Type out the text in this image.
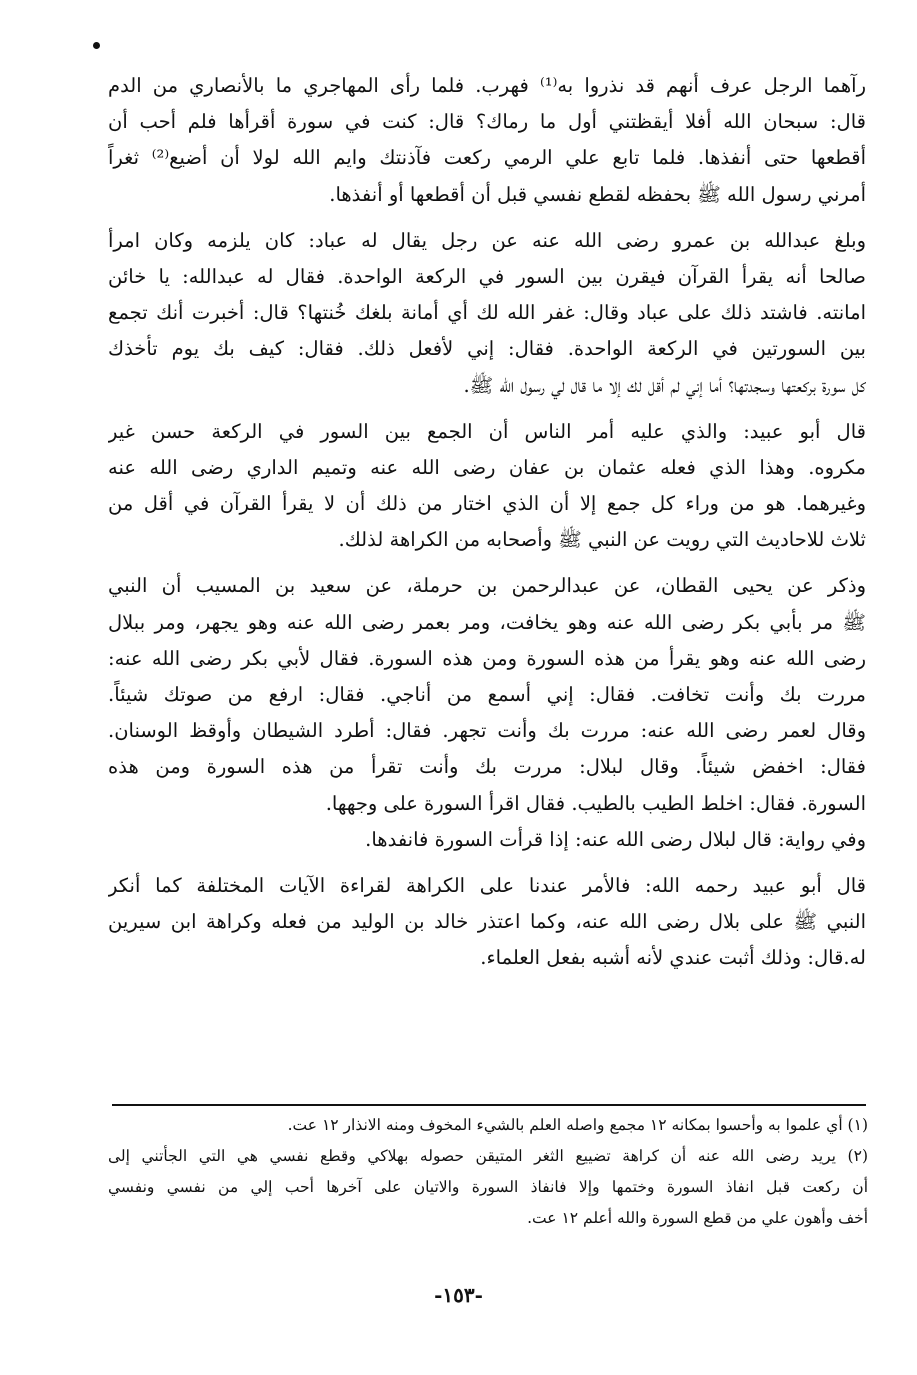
رآهما الرجل عرف أنهم قد نذروا به⁽¹⁾ فهرب. فلما رأى المهاجري ما بالأنصاري من الدم
قال: سبحان الله أفلا أيقظتني أول ما رماك؟ قال: كنت في سورة أقرأها فلم أحب أن
أقطعها حتى أنفذها. فلما تابع علي الرمي ركعت فآذنتك وايم الله لولا أن أضيع⁽²⁾ ثغراً
أمرني رسول الله ﷺ بحفظه لقطع نفسي قبل أن أقطعها أو أنفذها.
وبلغ عبدالله بن عمرو رضى الله عنه عن رجل يقال له عباد: كان يلزمه وكان امرأ
صالحا أنه يقرأ القرآن فيقرن بين السور في الركعة الواحدة. فقال له عبدالله: يا خائن
امانته. فاشتد ذلك على عباد وقال: غفر الله لك أي أمانة بلغك خُنتها؟ قال: أخبرت أنك تجمع
بين السورتين في الركعة الواحدة. فقال: إني لأفعل ذلك. فقال: كيف بك يوم تأخذك
كل سورة بركعتها وسجدتها؟ أما إني لم أقل لك إلا ما قال لي رسول الله ﷺ.
قال أبو عبيد: والذي عليه أمر الناس أن الجمع بين السور في الركعة حسن غير
مكروه. وهذا الذي فعله عثمان بن عفان رضى الله عنه وتميم الداري رضى الله عنه
وغيرهما. هو من وراء كل جمع إلا أن الذي اختار من ذلك أن لا يقرأ القرآن في أقل من
ثلاث للاحاديث التي رويت عن النبي ﷺ وأصحابه من الكراهة لذلك.
وذكر عن يحيى القطان، عن عبدالرحمن بن حرملة، عن سعيد بن المسيب أن النبي
ﷺ مر بأبي بكر رضى الله عنه وهو يخافت، ومر بعمر رضى الله عنه وهو يجهر، ومر ببلال
رضى الله عنه وهو يقرأ من هذه السورة ومن هذه السورة. فقال لأبي بكر رضى الله عنه:
مررت بك وأنت تخافت. فقال: إني أسمع من أناجي. فقال: ارفع من صوتك شيئاً.
وقال لعمر رضى الله عنه: مررت بك وأنت تجهر. فقال: أطرد الشيطان وأوقظ الوسنان.
فقال: اخفض شيئاً. وقال لبلال: مررت بك وأنت تقرأ من هذه السورة ومن هذه
السورة. فقال: اخلط الطيب بالطيب. فقال اقرأ السورة على وجهها.
وفي رواية: قال لبلال رضى الله عنه: إذا قرأت السورة فانفدها.
قال أبو عبيد رحمه الله: فالأمر عندنا على الكراهة لقراءة الآيات المختلفة كما أنكر
النبي ﷺ على بلال رضى الله عنه، وكما اعتذر خالد بن الوليد من فعله وكراهة ابن سيرين
له.قال: وذلك أثبت عندي لأنه أشبه بفعل العلماء.
(١) أي علموا به وأحسوا بمكانه ١٢ مجمع واصله العلم بالشيء المخوف ومنه الانذار ١٢ عت.
(٢) يريد رضى الله عنه أن كراهة تضييع الثغر المتيقن حصوله بهلاكي وقطع نفسي هي التي الجأتني إلى
أن ركعت قبل انفاذ السورة وختمها وإلا فانفاذ السورة والاتيان على آخرها أحب إلي من نفسي ونفسي
أخف وأهون علي من قطع السورة والله أعلم ١٢ عت.
-١٥٣-
